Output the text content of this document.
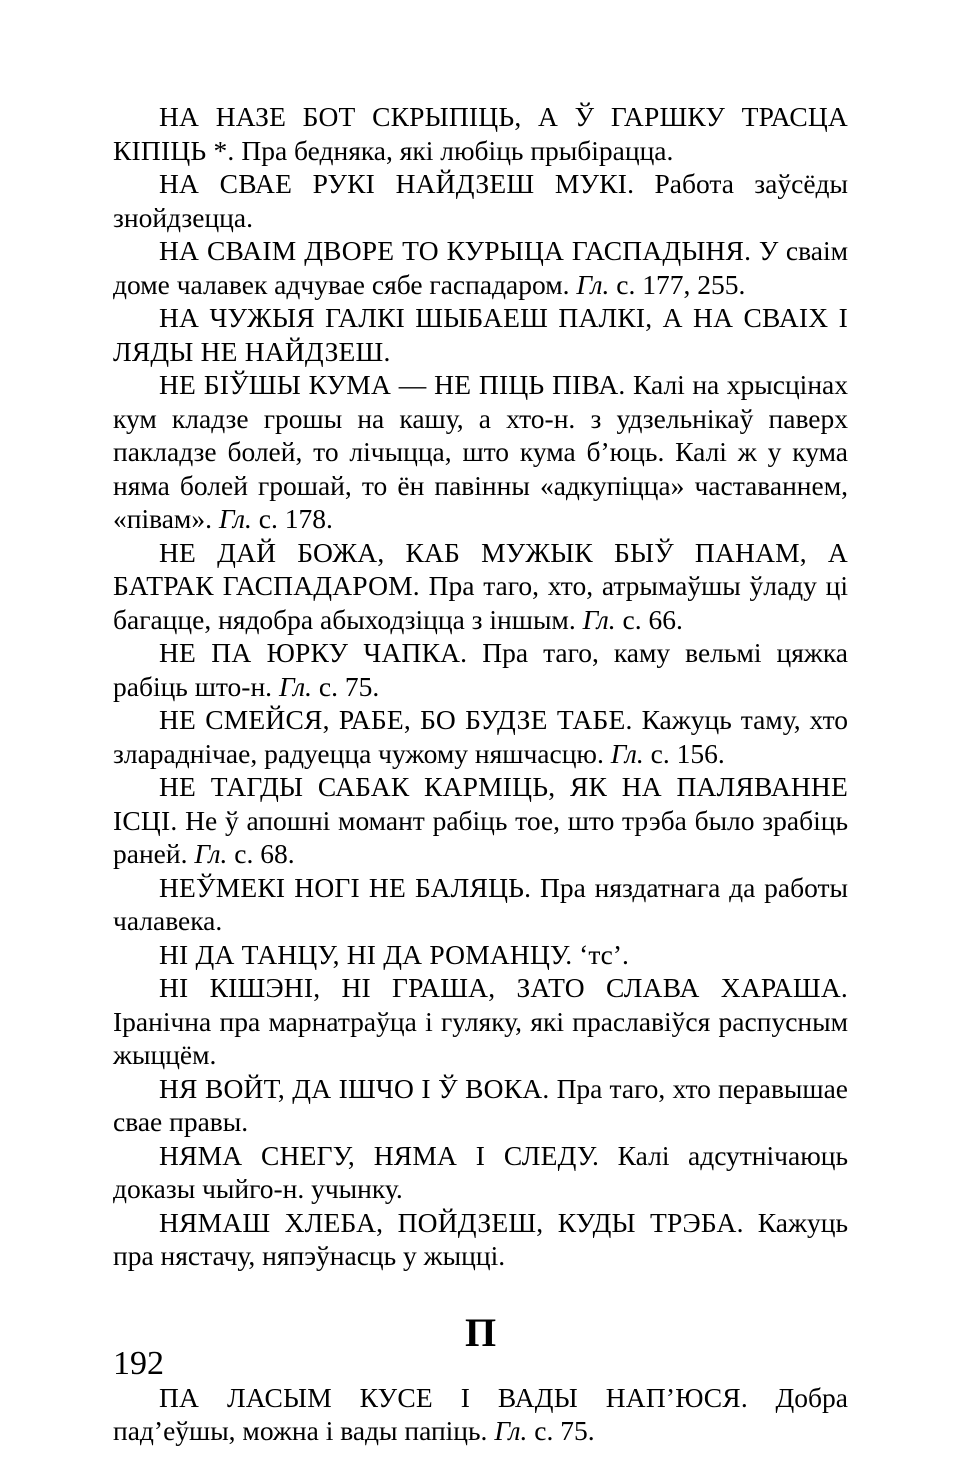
НА НАЗЕ БОТ СКРЫПІЦЬ, А Ў ГАРШКУ ТРАСЦА КІПІЦЬ *. Пра бедняка, які любіць прыбірацца.

НА СВАЕ РУКІ НАЙДЗЕШ МУКІ. Работа заўсёды знойдзецца.

НА СВАІМ ДВОРЕ ТО КУРЫЦА ГАСПАДЫНЯ. У сваім доме чалавек адчувае сябе гаспадаром. Гл. с. 177, 255.

НА ЧУЖЫЯ ГАЛКІ ШЫБАЕШ ПАЛКІ, А НА СВАІХ І ЛЯДЫ НЕ НАЙДЗЕШ.

НЕ БІЎШЫ КУМА — НЕ ПІЦЬ ПІВА. Калі на хрысцінах кум кладзе грошы на кашу, а хто-н. з удзельнікаў паверх пакладзе болей, то лічыцца, што кума б’юць. Калі ж у кума няма болей грошай, то ён павінны «адкупіцца» частаваннем, «півам». Гл. с. 178.

НЕ ДАЙ БОЖА, КАБ МУЖЫК БЫЎ ПАНАМ, А БАТРАК ГАСПАДАРОМ. Пра таго, хто, атрымаўшы ўладу ці багацце, нядобра абыходзіцца з іншым. Гл. с. 66.

НЕ ПА ЮРКУ ЧАПКА. Пра таго, каму вельмі цяжка рабіць што-н. Гл. с. 75.

НЕ СМЕЙСЯ, РАБЕ, БО БУДЗЕ ТАБЕ. Кажуць таму, хто злараднічае, радуецца чужому няшчасцю. Гл. с. 156.

НЕ ТАГДЫ САБАК КАРМІЦЬ, ЯК НА ПАЛЯВАННЕ ІСЦІ. Не ў апошні момант рабіць тое, што трэба было зрабіць раней. Гл. с. 68.

НЕЎМЕКІ НОГІ НЕ БАЛЯЦЬ. Пра няздатнага да работы чалавека.

НІ ДА ТАНЦУ, НІ ДА РОМАНЦУ. ‘тс’.

НІ КІШЭНІ, НІ ГРАША, ЗАТО СЛАВА ХАРАША. Іранічна пра марнатраўца і гуляку, які праславіўся распусным жыццём.

НЯ ВОЙТ, ДА ІШЧО І Ў ВОКА. Пра таго, хто перавышае свае правы.

НЯМА СНЕГУ, НЯМА І СЛЕДУ. Калі адсутнічаюць доказы чыйго-н. учынку.

НЯМАШ ХЛЕБА, ПОЙДЗЕШ, КУДЫ ТРЭБА. Кажуць пра нястачу, няпэўнасць у жыцці.

П

ПА ЛАСЫМ КУСЕ І ВАДЫ НАП’ЮСЯ. Добра пад’еўшы, можна і вады папіць. Гл. с. 75.

192
